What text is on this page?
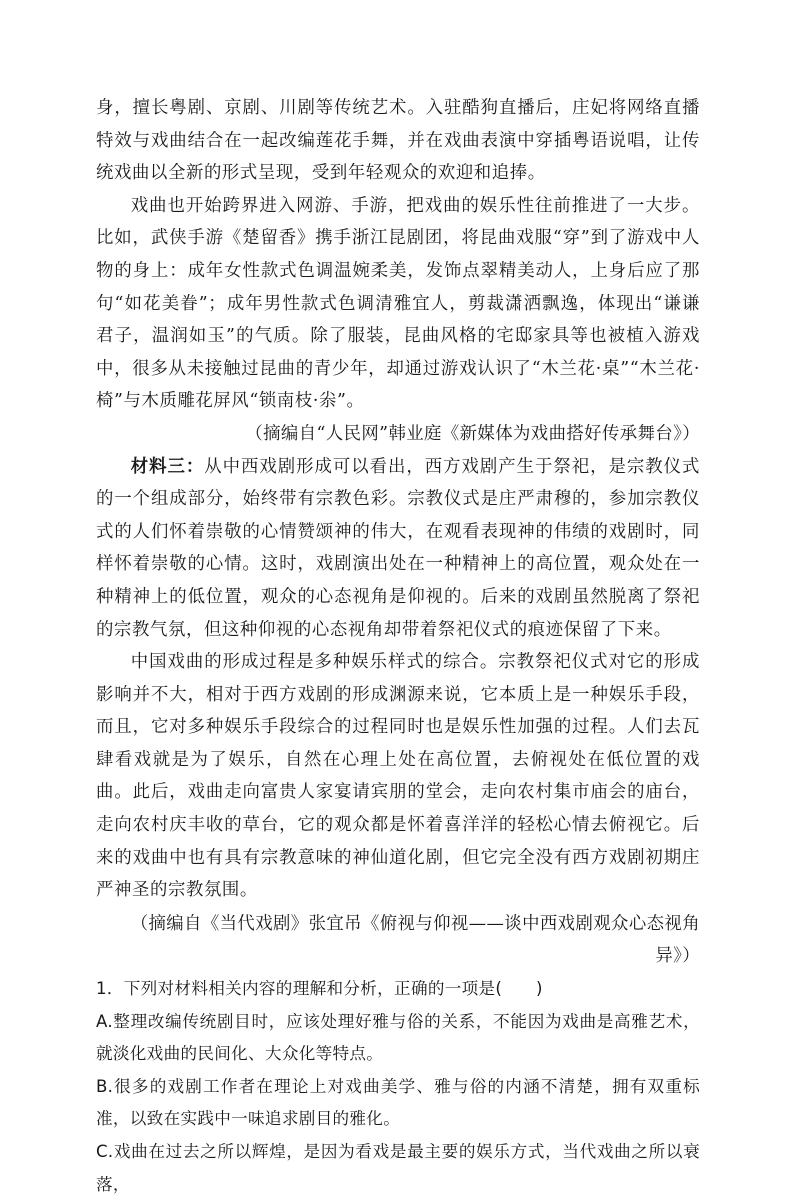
身，擅长粤剧、京剧、川剧等传统艺术。入驻酷狗直播后，庄妃将网络直播特效与戏曲结合在一起改编莲花手舞，并在戏曲表演中穿插粤语说唱，让传统戏曲以全新的形式呈现，受到年轻观众的欢迎和追捧。

戏曲也开始跨界进入网游、手游，把戏曲的娱乐性往前推进了一大步。比如，武侠手游《楚留香》携手浙江昆剧团，将昆曲戏服“穿”到了游戏中人物的身上：成年女性款式色调温婉柔美，发饰点翠精美动人，上身后应了那句“如花美眷”；成年男性款式色调清雅宜人，剪裁潇洒飘逸，体现出“谦谦君子，温润如玉”的气质。除了服装，昆曲风格的宅邸家具等也被植入游戏中，很多从未接触过昆曲的青少年，却通过游戏认识了“木兰花·桌”“木兰花·椅”与木质雕花屏风“锁南枝·尜”。

（摘编自“人民网”韩业庭《新媒体为戏曲搭好传承舞台》）

材料三：从中西戏剧形成可以看出，西方戏剧产生于祭祀，是宗教仪式的一个组成部分，始终带有宗教色彩。宗教仪式是庄严肃穆的，参加宗教仪式的人们怀着崇敬的心情赞颂神的伟大，在观看表现神的伟绩的戏剧时，同样怀着崇敬的心情。这时，戏剧演出处在一种精神上的高位置，观众处在一种精神上的低位置，观众的心态视角是仰视的。后来的戏剧虽然脱离了祭祀的宗教气氛，但这种仰视的心态视角却带着祭祀仪式的痕迹保留了下来。

中国戏曲的形成过程是多种娱乐样式的综合。宗教祭祀仪式对它的形成影响并不大，相对于西方戏剧的形成渊源来说，它本质上是一种娱乐手段，而且，它对多种娱乐手段综合的过程同时也是娱乐性加强的过程。人们去瓦肆看戏就是为了娱乐，自然在心理上处在高位置，去俯视处在低位置的戏曲。此后，戏曲走向富贵人家宴请宾朋的堂会，走向农村集市庙会的庙台，走向农村庆丰收的草台，它的观众都是怀着喜洋洋的轻松心情去俯视它。后来的戏曲中也有具有宗教意味的神仙道化剧，但它完全没有西方戏剧初期庄严神圣的宗教氛围。

（摘编自《当代戏剧》张宜吊《俯视与仰视——谈中西戏剧观众心态视角异》）

1．下列对材料相关内容的理解和分析，正确的一项是(　　)

A.整理改编传统剧目时，应该处理好雅与俗的关系，不能因为戏曲是高雅艺术，就淡化戏曲的民间化、大众化等特点。

B.很多的戏剧工作者在理论上对戏曲美学、雅与俗的内涵不清楚，拥有双重标准，以致在实践中一味追求剧目的雅化。

C.戏曲在过去之所以辉煌，是因为看戏是最主要的娱乐方式，当代戏曲之所以衰落，
